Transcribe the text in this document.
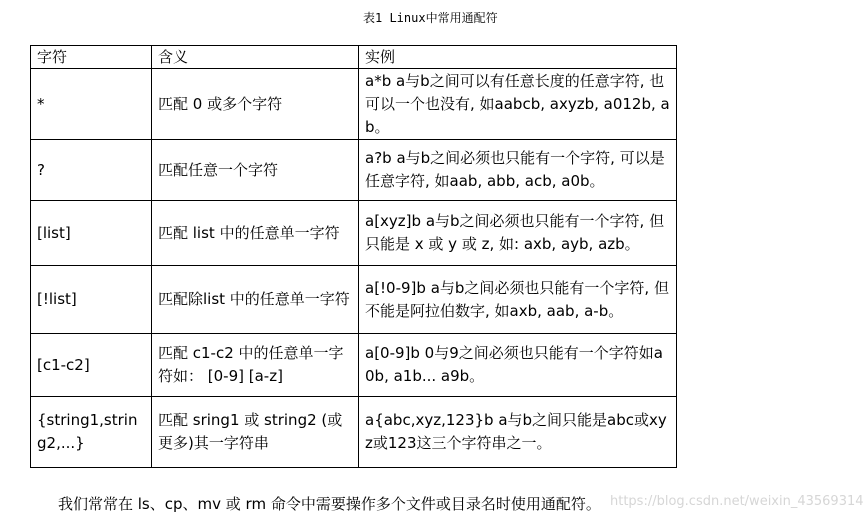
表1 Linux中常用通配符
字符	含义	实例
*	匹配 0 或多个字符	a*b a与b之间可以有任意长度的任意字符, 也可以一个也没有, 如aabcb, axyzb, a012b, ab。
?	匹配任意一个字符	a?b a与b之间必须也只能有一个字符, 可以是任意字符, 如aab, abb, acb, a0b。
[list]	匹配 list 中的任意单一字符	a[xyz]b a与b之间必须也只能有一个字符, 但只能是 x 或 y 或 z, 如: axb, ayb, azb。
[!list]	匹配除list 中的任意单一字符	a[!0-9]b a与b之间必须也只能有一个字符, 但不能是阿拉伯数字, 如axb, aab, a-b。
[c1-c2]	匹配 c1-c2 中的任意单一字符如： [0-9] [a-z]	a[0-9]b 0与9之间必须也只能有一个字符如a0b, a1b... a9b。
{string1,string2,...}	匹配 sring1 或 string2 (或更多)其一字符串	a{abc,xyz,123}b a与b之间只能是abc或xyz或123这三个字符串之一。
我们常常在 ls、cp、mv 或 rm 命令中需要操作多个文件或目录名时使用通配符。 https://blog.csdn.net/weixin_43569314
